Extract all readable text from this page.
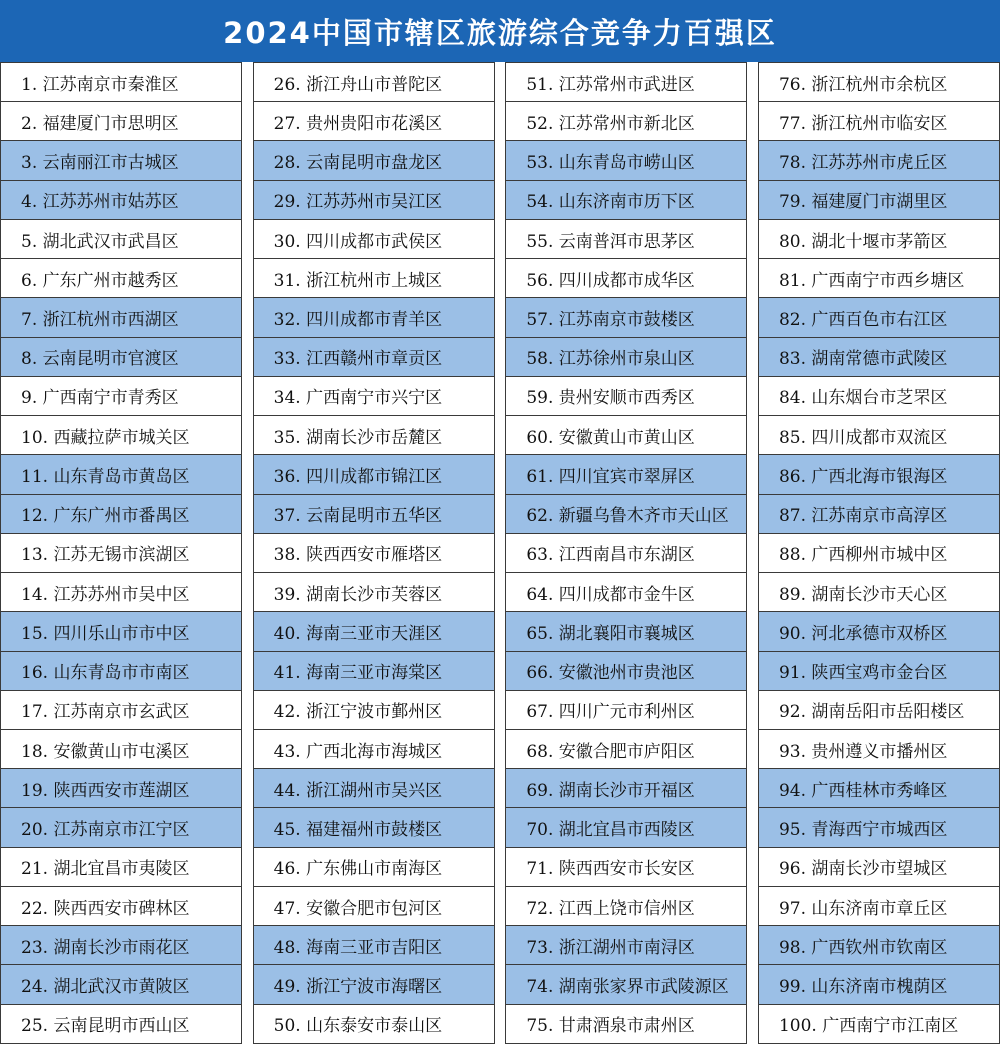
2024中国市辖区旅游综合竞争力百强区
1. 江苏南京市秦淮区
2. 福建厦门市思明区
3. 云南丽江市古城区
4. 江苏苏州市姑苏区
5. 湖北武汉市武昌区
6. 广东广州市越秀区
7. 浙江杭州市西湖区
8. 云南昆明市官渡区
9. 广西南宁市青秀区
10. 西藏拉萨市城关区
11. 山东青岛市黄岛区
12. 广东广州市番禺区
13. 江苏无锡市滨湖区
14. 江苏苏州市吴中区
15. 四川乐山市市中区
16. 山东青岛市市南区
17. 江苏南京市玄武区
18. 安徽黄山市屯溪区
19. 陕西西安市莲湖区
20. 江苏南京市江宁区
21. 湖北宜昌市夷陵区
22. 陕西西安市碑林区
23. 湖南长沙市雨花区
24. 湖北武汉市黄陂区
25. 云南昆明市西山区
26. 浙江舟山市普陀区
27. 贵州贵阳市花溪区
28. 云南昆明市盘龙区
29. 江苏苏州市吴江区
30. 四川成都市武侯区
31. 浙江杭州市上城区
32. 四川成都市青羊区
33. 江西赣州市章贡区
34. 广西南宁市兴宁区
35. 湖南长沙市岳麓区
36. 四川成都市锦江区
37. 云南昆明市五华区
38. 陕西西安市雁塔区
39. 湖南长沙市芙蓉区
40. 海南三亚市天涯区
41. 海南三亚市海棠区
42. 浙江宁波市鄞州区
43. 广西北海市海城区
44. 浙江湖州市吴兴区
45. 福建福州市鼓楼区
46. 广东佛山市南海区
47. 安徽合肥市包河区
48. 海南三亚市吉阳区
49. 浙江宁波市海曙区
50. 山东泰安市泰山区
51. 江苏常州市武进区
52. 江苏常州市新北区
53. 山东青岛市崂山区
54. 山东济南市历下区
55. 云南普洱市思茅区
56. 四川成都市成华区
57. 江苏南京市鼓楼区
58. 江苏徐州市泉山区
59. 贵州安顺市西秀区
60. 安徽黄山市黄山区
61. 四川宜宾市翠屏区
62. 新疆乌鲁木齐市天山区
63. 江西南昌市东湖区
64. 四川成都市金牛区
65. 湖北襄阳市襄城区
66. 安徽池州市贵池区
67. 四川广元市利州区
68. 安徽合肥市庐阳区
69. 湖南长沙市开福区
70. 湖北宜昌市西陵区
71. 陕西西安市长安区
72. 江西上饶市信州区
73. 浙江湖州市南浔区
74. 湖南张家界市武陵源区
75. 甘肃酒泉市肃州区
76. 浙江杭州市余杭区
77. 浙江杭州市临安区
78. 江苏苏州市虎丘区
79. 福建厦门市湖里区
80. 湖北十堰市茅箭区
81. 广西南宁市西乡塘区
82. 广西百色市右江区
83. 湖南常德市武陵区
84. 山东烟台市芝罘区
85. 四川成都市双流区
86. 广西北海市银海区
87. 江苏南京市高淳区
88. 广西柳州市城中区
89. 湖南长沙市天心区
90. 河北承德市双桥区
91. 陕西宝鸡市金台区
92. 湖南岳阳市岳阳楼区
93. 贵州遵义市播州区
94. 广西桂林市秀峰区
95. 青海西宁市城西区
96. 湖南长沙市望城区
97. 山东济南市章丘区
98. 广西钦州市钦南区
99. 山东济南市槐荫区
100. 广西南宁市江南区
